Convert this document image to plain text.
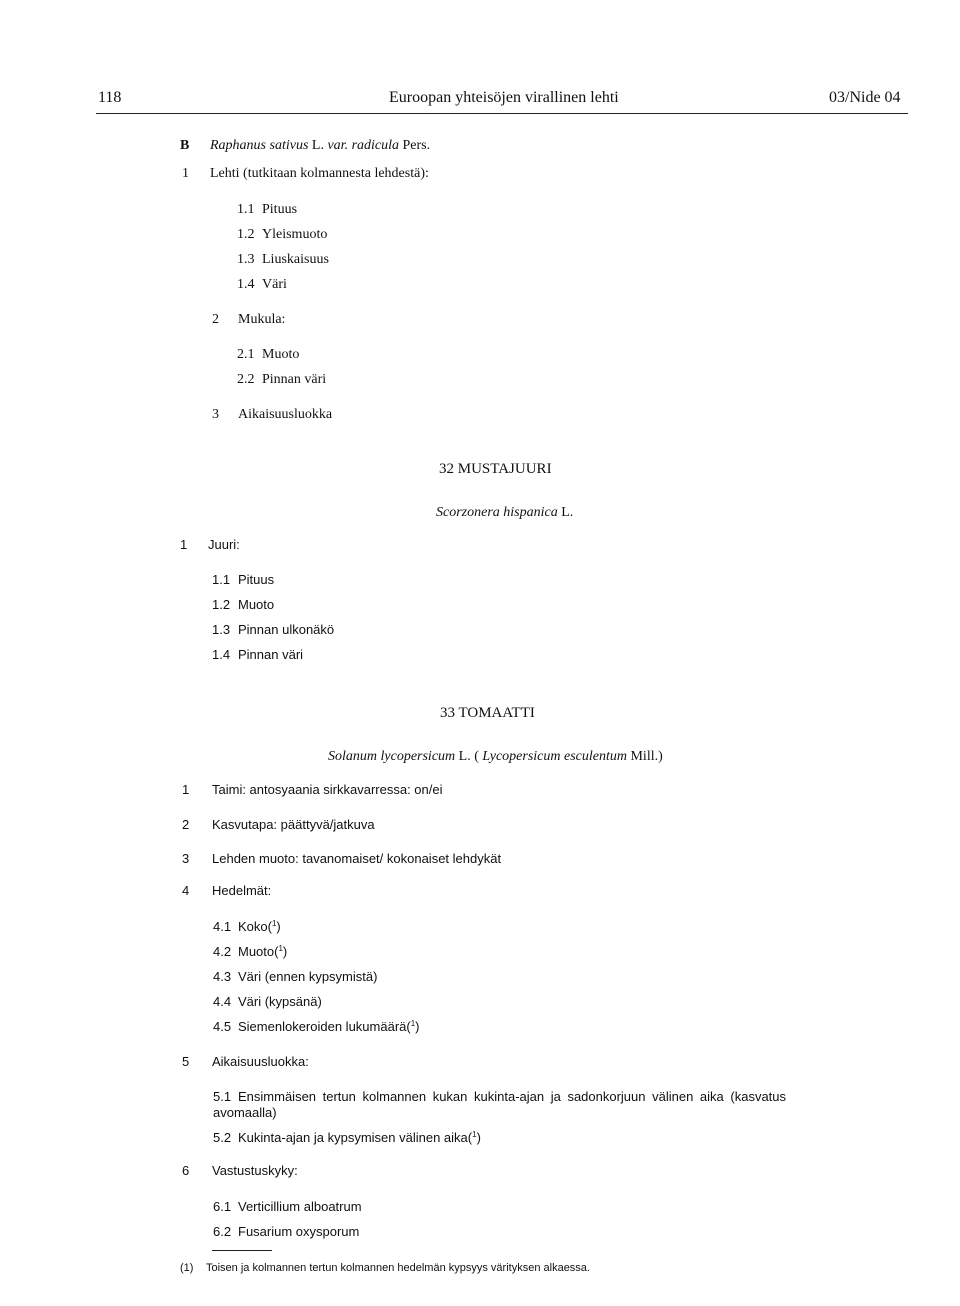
118	Euroopan yhteisöjen virallinen lehti	03/Nide 04
B Raphanus sativus L. var. radicula Pers.
1 Lehti (tutkitaan kolmannesta lehdestä):
1.1 Pituus
1.2 Yleismuoto
1.3 Liuskaisuus
1.4 Väri
2 Mukula:
2.1 Muoto
2.2 Pinnan väri
3 Aikaisuusluokka
32 MUSTAJUURI
Scorzonera hispanica L.
1 Juuri:
1.1 Pituus
1.2 Muoto
1.3 Pinnan ulkonäkö
1.4 Pinnan väri
33 TOMAATTI
Solanum lycopersicum L. ( Lycopersicum esculentum Mill.)
1 Taimi: antosyaania sirkkavarressa: on/ei
2 Kasvutapa: päättyvä/jatkuva
3 Lehden muoto: tavanomaiset/ kokonaiset lehdykät
4 Hedelmät:
4.1 Koko($^1$)
4.2 Muoto($^1$)
4.3 Väri (ennen kypsymistä)
4.4 Väri (kypsänä)
4.5 Siemenlokeroiden lukumäärä($^1$)
5 Aikaisuusluokka:
5.1 Ensimmäisen tertun kolmannen kukan kukinta-ajan ja sadonkorjuun välinen aika (kasvatus
avomaalla)
5.2 Kukinta-ajan ja kypsymisen välinen aika($^1$)
6 Vastustuskyky:
6.1 Verticillium alboatrum
6.2 Fusarium oxysporum
(1) Toisen ja kolmannen tertun kolmannen hedelmän kypsyys värityksen alkaessa.
